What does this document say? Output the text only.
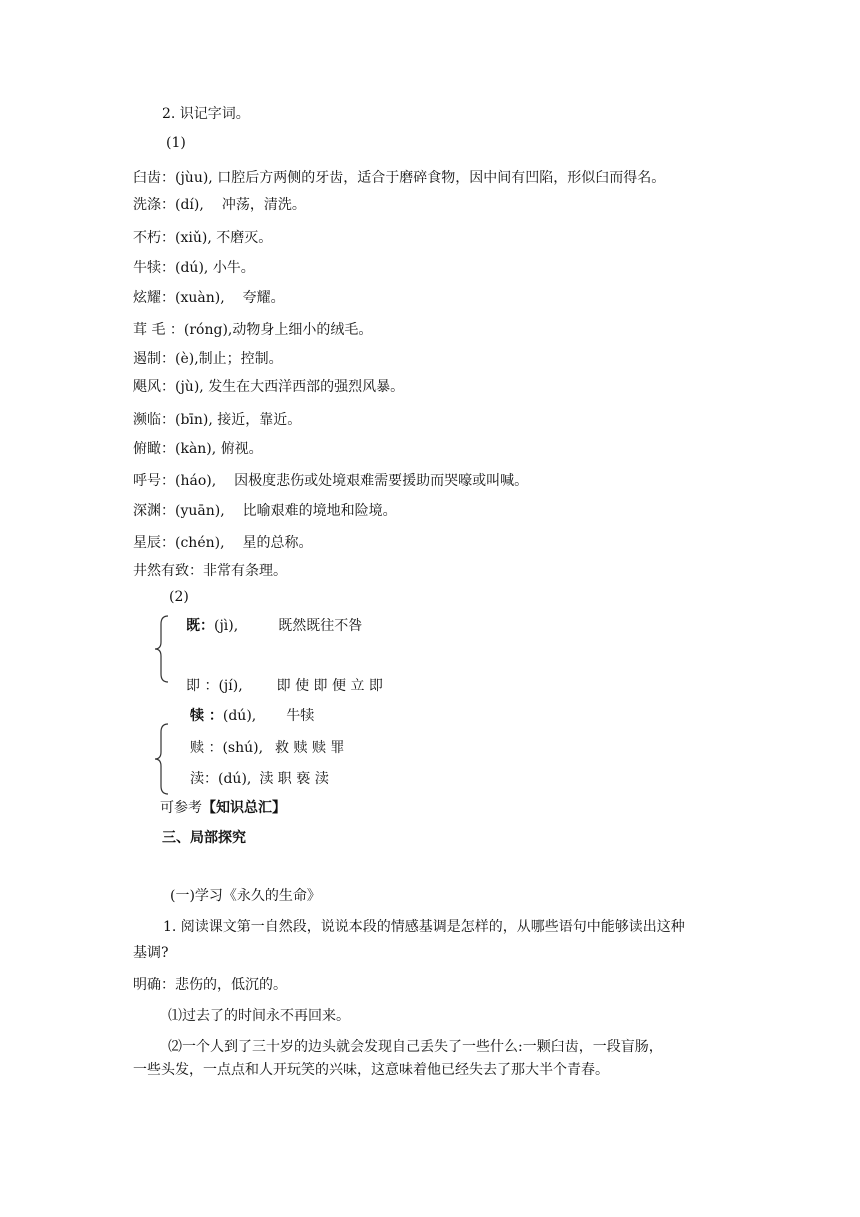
2. 识记字词。
(1)
臼齿：(jùu), 口腔后方两侧的牙齿，适合于磨碎食物，因中间有凹陷，形似臼而得名。
洗涤：(dí), 冲荡，清洗。
不朽：(xiǔ), 不磨灭。
牛犊：(dú), 小牛。
炫耀：(xuàn), 夸耀。
茸 毛 ：(róng),动物身上细小的绒毛。
遏制：(è),制止；控制。
飓风：(jù), 发生在大西洋西部的强烈风暴。
濒临：(bīn), 接近，靠近。
俯瞰：(kàn), 俯视。
呼号：(háo), 因极度悲伤或处境艰难需要援助而哭嚎或叫喊。
深渊：(yuān), 比喻艰难的境地和险境。
星辰：(chén), 星的总称。
井然有致：非常有条理。
(2)
既：(jì),	既然既往不咎
即 ：(jí), 即 使 即 便 立 即
犊 ：(dú), 牛犊
赎 ：(shú), 救 赎 赎 罪
渎：(dú), 渎 职 亵 渎
可参考【知识总汇】
三、局部探究
(一)学习《永久的生命》
1. 阅读课文第一自然段，说说本段的情感基调是怎样的，从哪些语句中能够读出这种
基调?
明确：悲伤的，低沉的。
⑴过去了的时间永不再回来。
⑵一个人到了三十岁的边头就会发现自己丢失了一些什么:一颗臼齿，一段盲肠，
一些头发，一点点和人开玩笑的兴味，这意味着他已经失去了那大半个青春。
